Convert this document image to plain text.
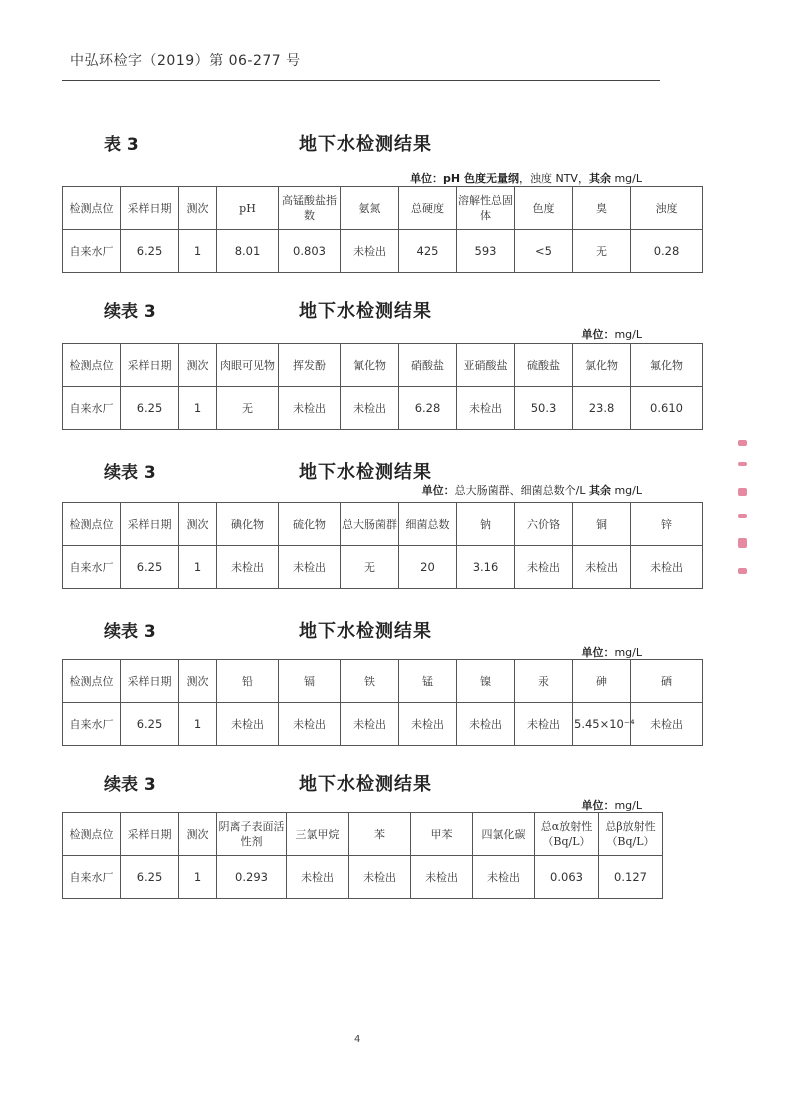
中弘环检字（2019）第 06-277 号
表 3	地下水检测结果
单位：pH 色度无量纲，浊度 NTV，其余 mg/L
检测点位	采样日期	测次	pH	高锰酸盐指数	氨氮	总硬度	溶解性总固体	色度	臭	浊度
自来水厂	6.25	1	8.01	0.803	未检出	425	593	<5	无	0.28
续表 3	地下水检测结果
单位：mg/L
检测点位	采样日期	测次	肉眼可见物	挥发酚	氰化物	硝酸盐	亚硝酸盐	硫酸盐	氯化物	氟化物
自来水厂	6.25	1	无	未检出	未检出	6.28	未检出	50.3	23.8	0.610
续表 3	地下水检测结果
单位：总大肠菌群、细菌总数个/L 其余 mg/L
检测点位	采样日期	测次	碘化物	硫化物	总大肠菌群	细菌总数	钠	六价铬	铜	锌
自来水厂	6.25	1	未检出	未检出	无	20	3.16	未检出	未检出	未检出
续表 3	地下水检测结果
单位：mg/L
检测点位	采样日期	测次	铅	镉	铁	锰	镍	汞	砷	硒
自来水厂	6.25	1	未检出	未检出	未检出	未检出	未检出	未检出	5.45×10⁻⁴	未检出
续表 3	地下水检测结果
单位：mg/L
检测点位	采样日期	测次	阴离子表面活性剂	三氯甲烷	苯	甲苯	四氯化碳	总α放射性（Bq/L）	总β放射性（Bq/L）
自来水厂	6.25	1	0.293	未检出	未检出	未检出	未检出	0.063	0.127
4
